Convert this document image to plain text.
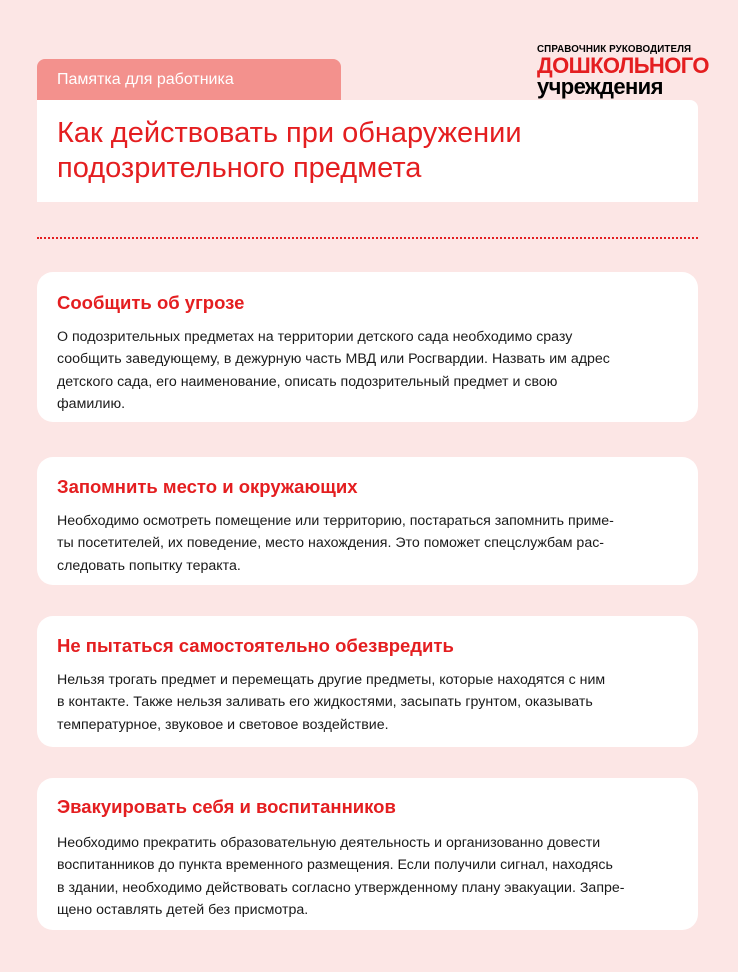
СПРАВОЧНИК РУКОВОДИТЕЛЯ
ДОШКОЛЬНОГО
учреждения
Памятка для работника
Как действовать при обнаружении
подозрительного предмета
Сообщить об угрозе
О подозрительных предметах на территории детского сада необходимо сразу
сообщить заведующему, в дежурную часть МВД или Росгвардии. Назвать им адрес
детского сада, его наименование, описать подозрительный предмет и свою
фамилию.
Запомнить место и окружающих
Необходимо осмотреть помещение или территорию, постараться запомнить приме-
ты посетителей, их поведение, место нахождения. Это поможет спецслужбам рас-
следовать попытку теракта.
Не пытаться самостоятельно обезвредить
Нельзя трогать предмет и перемещать другие предметы, которые находятся с ним
в контакте. Также нельзя заливать его жидкостями, засыпать грунтом, оказывать
температурное, звуковое и световое воздействие.
Эвакуировать себя и воспитанников
Необходимо прекратить образовательную деятельность и организованно довести
воспитанников до пункта временного размещения. Если получили сигнал, находясь
в здании, необходимо действовать согласно утвержденному плану эвакуации. Запре-
щено оставлять детей без присмотра.
